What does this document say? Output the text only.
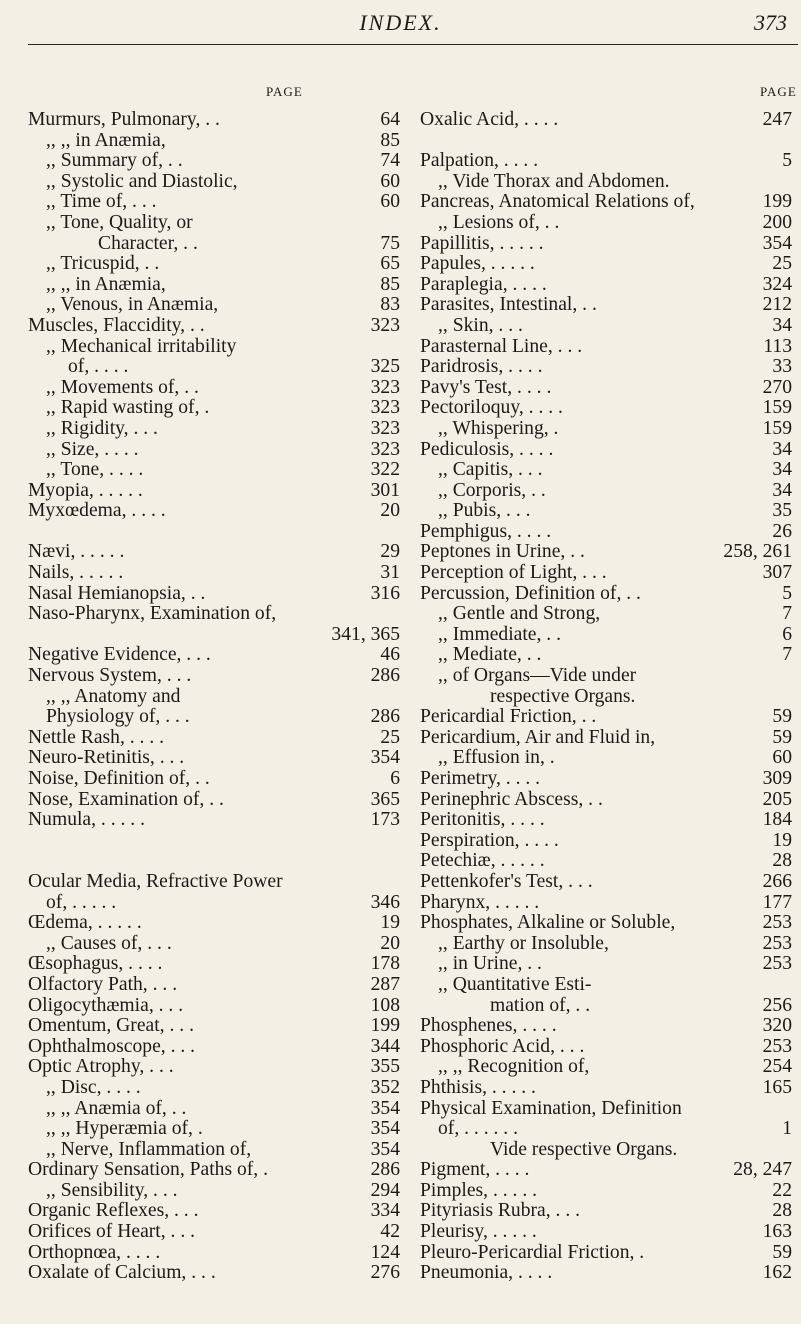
INDEX.	373
PAGE	PAGE
Murmurs, Pulmonary, . .	64
,, ,, in Anæmia,	85
,, Summary of, . .	74
,, Systolic and Diastolic,	60
,, Time of, . . .	60
,, Tone, Quality, or
Character, . .	75
,, Tricuspid, . .	65
,, ,, in Anæmia,	85
,, Venous, in Anæmia,	83
Muscles, Flaccidity, . .	323
,, Mechanical irritability
of, . . . .	325
,, Movements of, . .	323
,, Rapid wasting of, .	323
,, Rigidity, . . .	323
,, Size, . . . .	323
,, Tone, . . . .	322
Myopia, . . . . .	301
Myxœdema, . . . .	20
Nævi, . . . . .	29
Nails, . . . . .	31
Nasal Hemianopsia, . .	316
Naso-Pharynx, Examination of,
341, 365
Negative Evidence, . . .	46
Nervous System, . . .	286
,, ,, Anatomy and
Physiology of, . . .	286
Nettle Rash, . . . .	25
Neuro-Retinitis, . . .	354
Noise, Definition of, . .	6
Nose, Examination of, . .	365
Numula, . . . . .	173
Ocular Media, Refractive Power
of, . . . . .	346
Œdema, . . . . .	19
,, Causes of, . . .	20
Œsophagus, . . . .	178
Olfactory Path, . . .	287
Oligocythæmia, . . .	108
Omentum, Great, . . .	199
Ophthalmoscope, . . .	344
Optic Atrophy, . . .	355
,, Disc, . . . .	352
,, ,, Anæmia of, . .	354
,, ,, Hyperæmia of, .	354
,, Nerve, Inflammation of,	354
Ordinary Sensation, Paths of, .	286
,, Sensibility, . . .	294
Organic Reflexes, . . .	334
Orifices of Heart, . . .	42
Orthopnœa, . . . .	124
Oxalate of Calcium, . . .	276
Oxalic Acid, . . . .	247
Palpation, . . . .	5
,, Vide Thorax and Abdomen.
Pancreas, Anatomical Relations of,	199
,, Lesions of, . .	200
Papillitis, . . . . .	354
Papules, . . . . .	25
Paraplegia, . . . .	324
Parasites, Intestinal, . .	212
,, Skin, . . .	34
Parasternal Line, . . .	113
Paridrosis, . . . .	33
Pavy's Test, . . . .	270
Pectoriloquy, . . . .	159
,, Whispering, .	159
Pediculosis, . . . .	34
,, Capitis, . . .	34
,, Corporis, . .	34
,, Pubis, . . .	35
Pemphigus, . . . .	26
Peptones in Urine, . .	258, 261
Perception of Light, . . .	307
Percussion, Definition of, . .	5
,, Gentle and Strong,	7
,, Immediate, . .	6
,, Mediate, . .	7
,, of Organs—Vide under
respective Organs.
Pericardial Friction, . .	59
Pericardium, Air and Fluid in,	59
,, Effusion in, .	60
Perimetry, . . . .	309
Perinephric Abscess, . .	205
Peritonitis, . . . .	184
Perspiration, . . . .	19
Petechiæ, . . . . .	28
Pettenkofer's Test, . . .	266
Pharynx, . . . . .	177
Phosphates, Alkaline or Soluble,	253
,, Earthy or Insoluble,	253
,, in Urine, . .	253
,, Quantitative Esti-
mation of, . .	256
Phosphenes, . . . .	320
Phosphoric Acid, . . .	253
,, ,, Recognition of,	254
Phthisis, . . . . .	165
Physical Examination, Definition
of, . . . . . .	1
Vide respective Organs.
Pigment, . . . .	28, 247
Pimples, . . . . .	22
Pityriasis Rubra, . . .	28
Pleurisy, . . . . .	163
Pleuro-Pericardial Friction, .	59
Pneumonia, . . . .	162
